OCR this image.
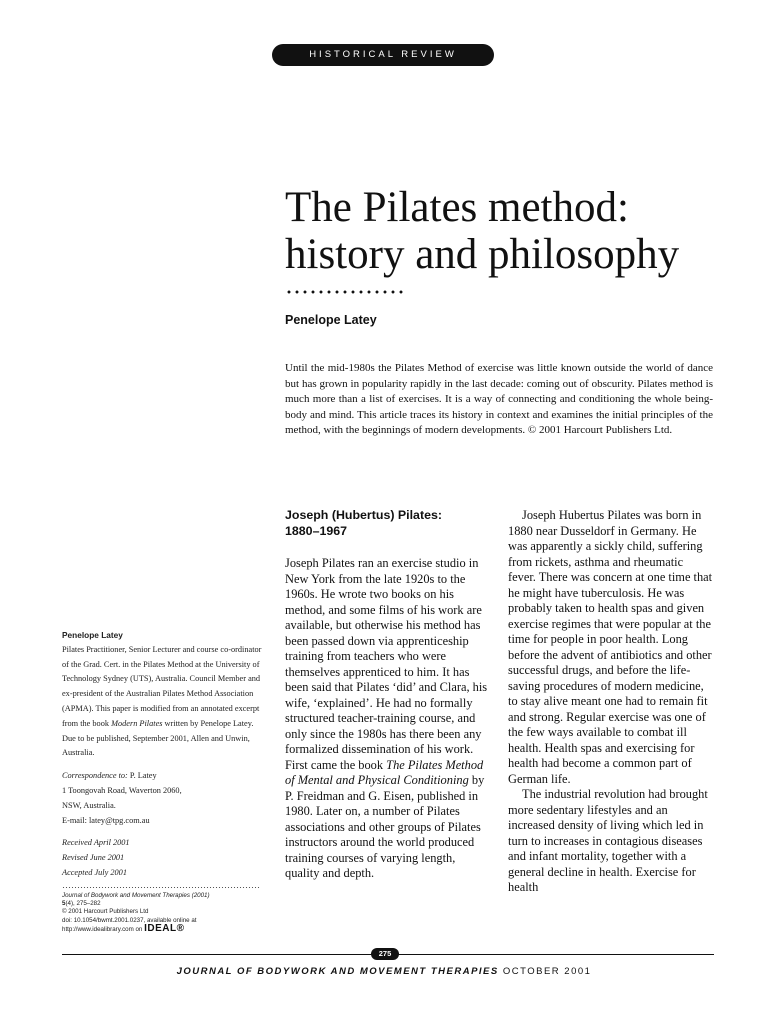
HISTORICAL REVIEW
The Pilates method:
history and philosophy
Penelope Latey

Until the mid-1980s the Pilates Method of exercise was little known outside the world of dance but has grown in popularity rapidly in the last decade: coming out of obscurity. Pilates method is much more than a list of exercises. It is a way of connecting and conditioning the whole being-body and mind. This article traces its history in context and examines the initial principles of the method, with the beginnings of modern developments. © 2001 Harcourt Publishers Ltd.

Joseph (Hubertus) Pilates:
1880–1967

Joseph Pilates ran an exercise studio in New York from the late 1920s to the 1960s. He wrote two books on his method, and some films of his work are available, but otherwise his method has been passed down via apprenticeship training from teachers who were themselves apprenticed to him. It has been said that Pilates ‘did’ and Clara, his wife, ‘explained’. He had no formally structured teacher-training course, and only since the 1980s has there been any formalized dissemination of his work. First came the book The Pilates Method of Mental and Physical Conditioning by P. Freidman and G. Eisen, published in 1980. Later on, a number of Pilates associations and other groups of Pilates instructors around the world produced training courses of varying length, quality and depth.

Joseph Hubertus Pilates was born in 1880 near Dusseldorf in Germany. He was apparently a sickly child, suffering from rickets, asthma and rheumatic fever. There was concern at one time that he might have tuberculosis. He was probably taken to health spas and given exercise regimes that were popular at the time for people in poor health. Long before the advent of antibiotics and other successful drugs, and before the life-saving procedures of modern medicine, to stay alive meant one had to remain fit and strong. Regular exercise was one of the few ways available to combat ill health. Health spas and exercising for health had become a common part of German life.

The industrial revolution had brought more sedentary lifestyles and an increased density of living which led in turn to increases in contagious diseases and infant mortality, together with a general decline in health. Exercise for health

Penelope Latey

Pilates Practitioner, Senior Lecturer and course co-ordinator of the Grad. Cert. in the Pilates Method at the University of Technology Sydney (UTS), Australia. Council Member and ex-president of the Australian Pilates Method Association (APMA). This paper is modified from an annotated excerpt from the book Modern Pilates written by Penelope Latey. Due to be published, September 2001, Allen and Unwin, Australia.

Correspondence to: P. Latey

1 Toongovah Road, Waverton 2060,

NSW, Australia.

E-mail: latey@tpg.com.au

Received April 2001

Revised June 2001

Accepted July 2001

Journal of Bodywork and Movement Therapies (2001)
5(4), 275–282
© 2001 Harcourt Publishers Ltd
doi: 10.1054/bwmt.2001.0237, available online at
http://www.idealibrary.com on IDEAL®
275
JOURNAL OF BODYWORK AND MOVEMENT THERAPIES OCTOBER 2001
